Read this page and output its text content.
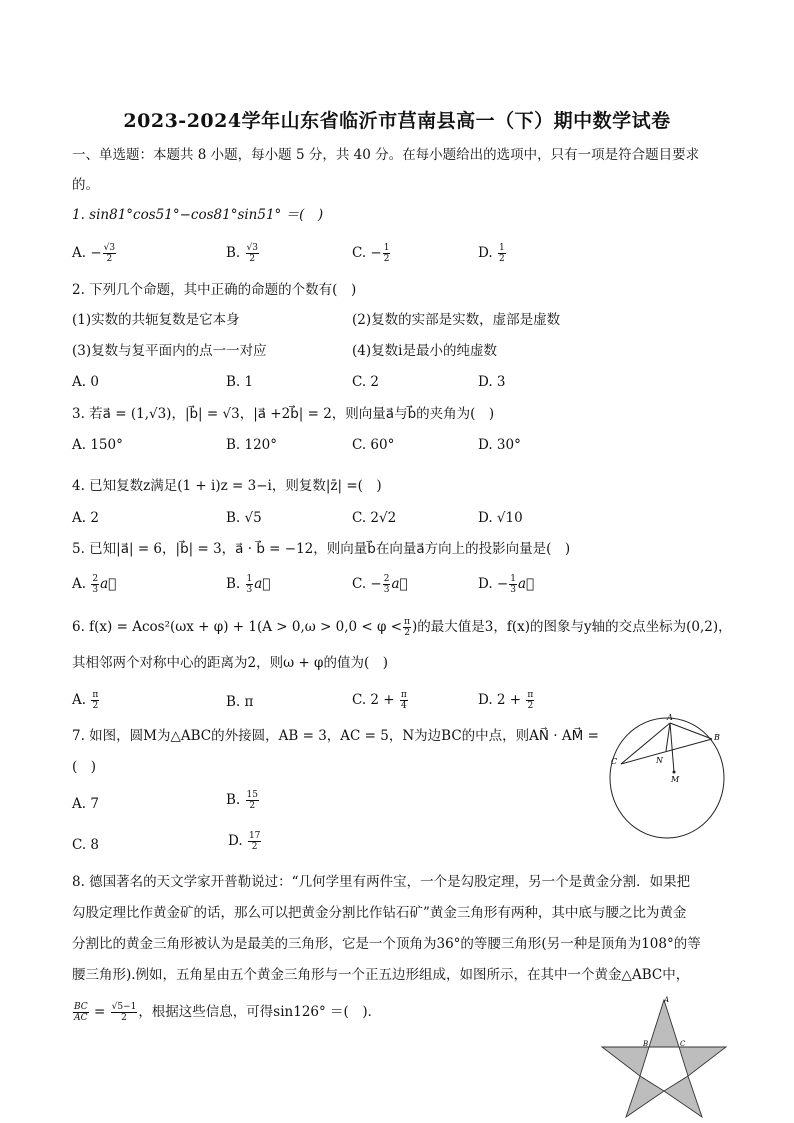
2023-2024学年山东省临沂市莒南县高一（下）期中数学试卷
一、单选题：本题共 8 小题，每小题 5 分，共 40 分。在每小题给出的选项中，只有一项是符合题目要求
的。
1. sin81°cos51°−cos81°sin51° ＝(　)
A. − $\frac{√3}{2}$	B. $\frac{√3}{2}$	C. − $\frac{1}{2}$	D. $\frac{1}{2}$
2. 下列几个命题，其中正确的命题的个数有(　)
(1)实数的共轭复数是它本身	(2)复数的实部是实数，虚部是虚数
(3)复数与复平面内的点一一对应	(4)复数i是最小的纯虚数
A. 0	B. 1	C. 2	D. 3
3. 若a⃗ = (1,√3)，|b⃗| = √3，|a⃗ +2b⃗| = 2，则向量a⃗与b⃗的夹角为(　)
A. 150°	B. 120°	C. 60°	D. 30°
4. 已知复数z满足(1 + i)z = 3−i，则复数|z̄| =(　)
A. 2	B. √5	C. 2√2	D. √10
5. 已知|a⃗| = 6，|b⃗| = 3，a⃗ · b⃗ = −12，则向量b⃗在向量a⃗方向上的投影向量是(　)
A. $\frac{2}{3}$ a⃗	B. $\frac{1}{3}$ a⃗	C. − $\frac{2}{3}$ a⃗	D. − $\frac{1}{3}$ a⃗
6. $f(x) = Acos^2(\omega x + \varphi) + 1(A > 0,\omega > 0,0 < \varphi < \frac{\pi}{2}$ )的最大值是3，f(x)的图象与y轴的交点坐标为(0,2)，
其相邻两个对称中心的距离为2，则ω + φ的值为(　)
A. $\frac{\pi}{2}$	B. π	C. $2 + \frac{\pi}{4}$	D. $2 + \frac{\pi}{2}$
7. 如图，圆M为△ABC的外接圆，AB = 3，AC = 5，N为边BC的中点，则AN⃗ · AM⃗ =
(　)
A. 7	B. $\frac{15}{2}$
C. 8	D. $\frac{17}{2}$
A
B
C	N
M
8. 德国著名的天文学家开普勒说过：“几何学里有两件宝，一个是勾股定理，另一个是黄金分割．如果把
勾股定理比作黄金矿的话，那么可以把黄金分割比作钻石矿”黄金三角形有两种，其中底与腰之比为黄金
分割比的黄金三角形被认为是最美的三角形，它是一个顶角为36°的等腰三角形(另一种是顶角为108°的等
腰三角形).例如，五角星由五个黄金三角形与一个正五边形组成，如图所示，在其中一个黄金△ABC中，
$\frac{BC}{AC} = \frac{√5-1}{2}$ ，根据这些信息，可得sin126° ＝(　)．
A
B	C
